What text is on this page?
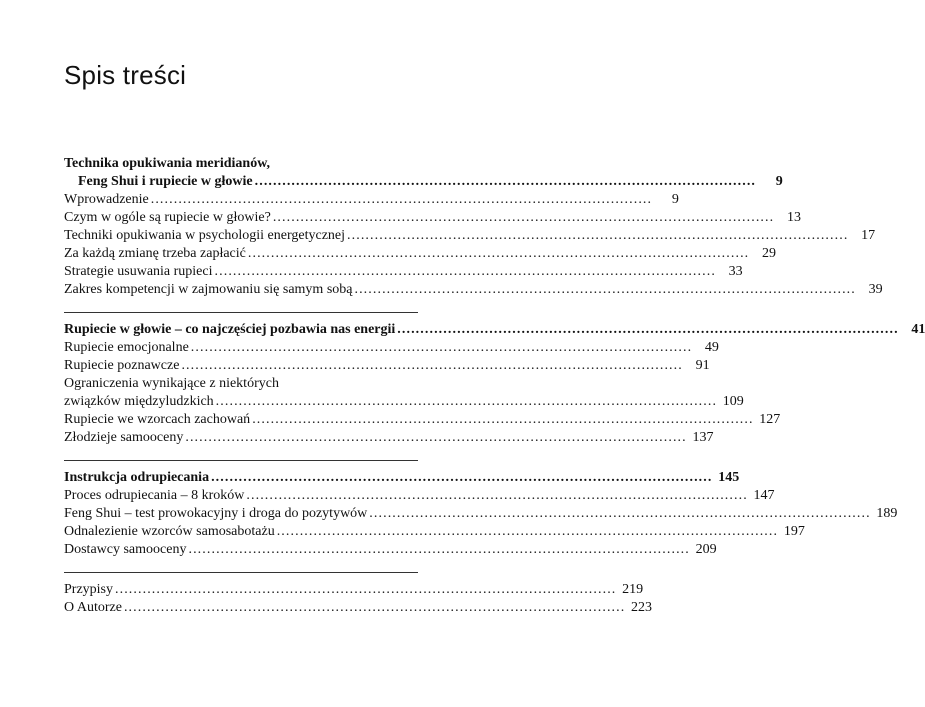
Spis treści
Technika opukiwania meridianów,
Feng Shui i rupiecie w głowie . . .	9
Wprowadzenie . . .	9
Czym w ogóle są rupiecie w głowie? . . .	13
Techniki opukiwania w psychologii energetycznej . . .	17
Za każdą zmianę trzeba zapłacić . . .	29
Strategie usuwania rupieci . . .	33
Zakres kompetencji w zajmowaniu się samym sobą . . .	39
Rupiecie w głowie – co najczęściej pozbawia nas energii . . .	41
Rupiecie emocjonalne . . .	49
Rupiecie poznawcze . . .	91
Ograniczenia wynikające z niektórych
związków międzyludzkich . . .	109
Rupiecie we wzorcach zachowań . . .	127
Złodzieje samooceny . . .	137
Instrukcja odrupiecania . . .	145
Proces odrupiecania – 8 kroków . . .	147
Feng Shui – test prowokacyjny i droga do pozytywów . . .	189
Odnalezienie wzorców samosabotażu . . .	197
Dostawcy samooceny . . .	209
Przypisy . . .	219
O Autorze . . .	223
